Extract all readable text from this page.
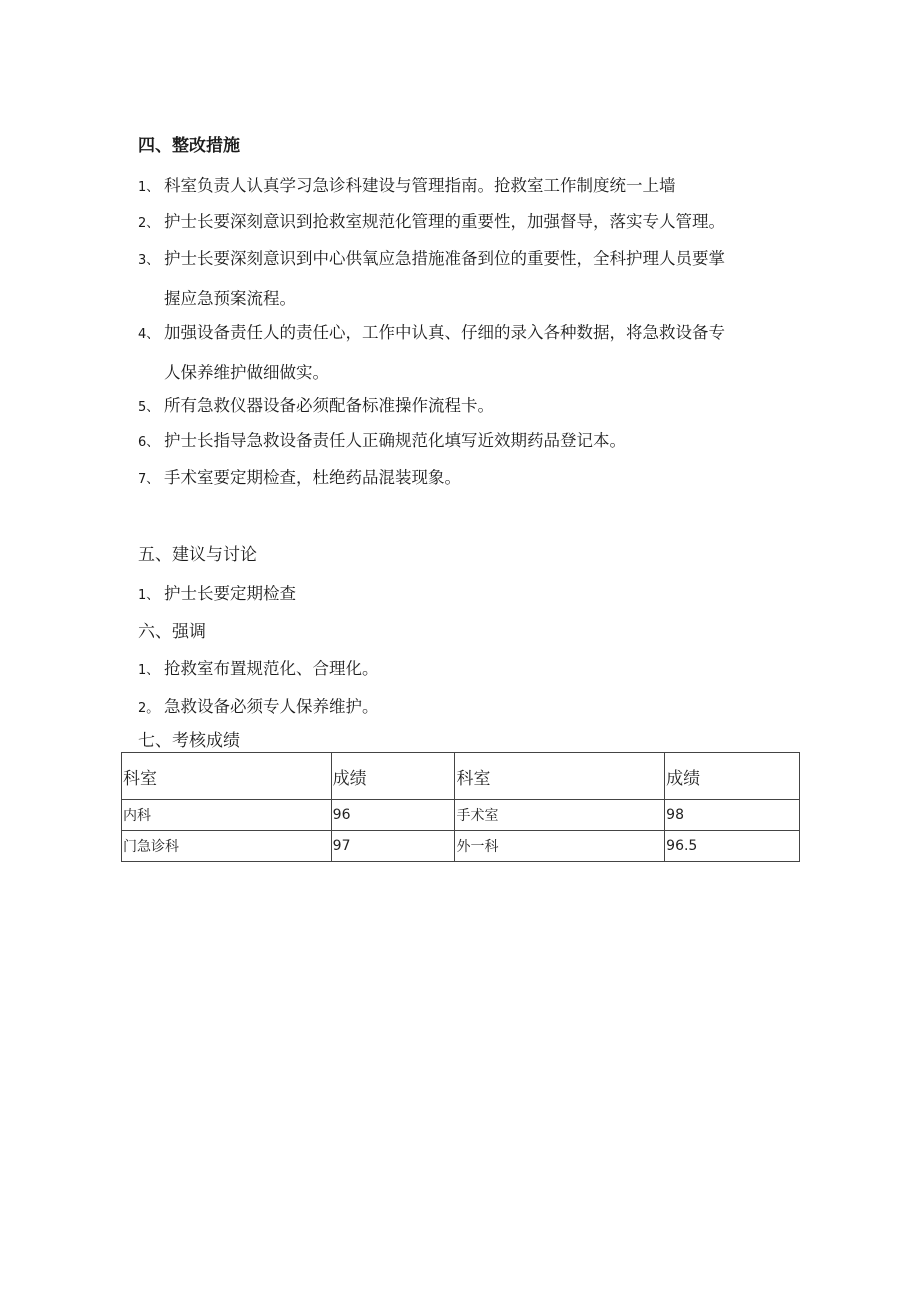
四、整改措施
1、 科室负责人认真学习急诊科建设与管理指南。抢救室工作制度统一上墙
2、 护士长要深刻意识到抢救室规范化管理的重要性，加强督导，落实专人管理。
3、 护士长要深刻意识到中心供氧应急措施准备到位的重要性，全科护理人员要掌
握应急预案流程。
4、 加强设备责任人的责任心，工作中认真、仔细的录入各种数据，将急救设备专
人保养维护做细做实。
5、 所有急救仪器设备必须配备标准操作流程卡。
6、 护士长指导急救设备责任人正确规范化填写近效期药品登记本。
7、 手术室要定期检查，杜绝药品混装现象。
五、建议与讨论
1、 护士长要定期检查
六、强调
1、 抢救室布置规范化、合理化。
2。 急救设备必须专人保养维护。
七、考核成绩
科室	成绩	科室	成绩
内科	96	手术室	98
门急诊科	97	外一科	96.5
